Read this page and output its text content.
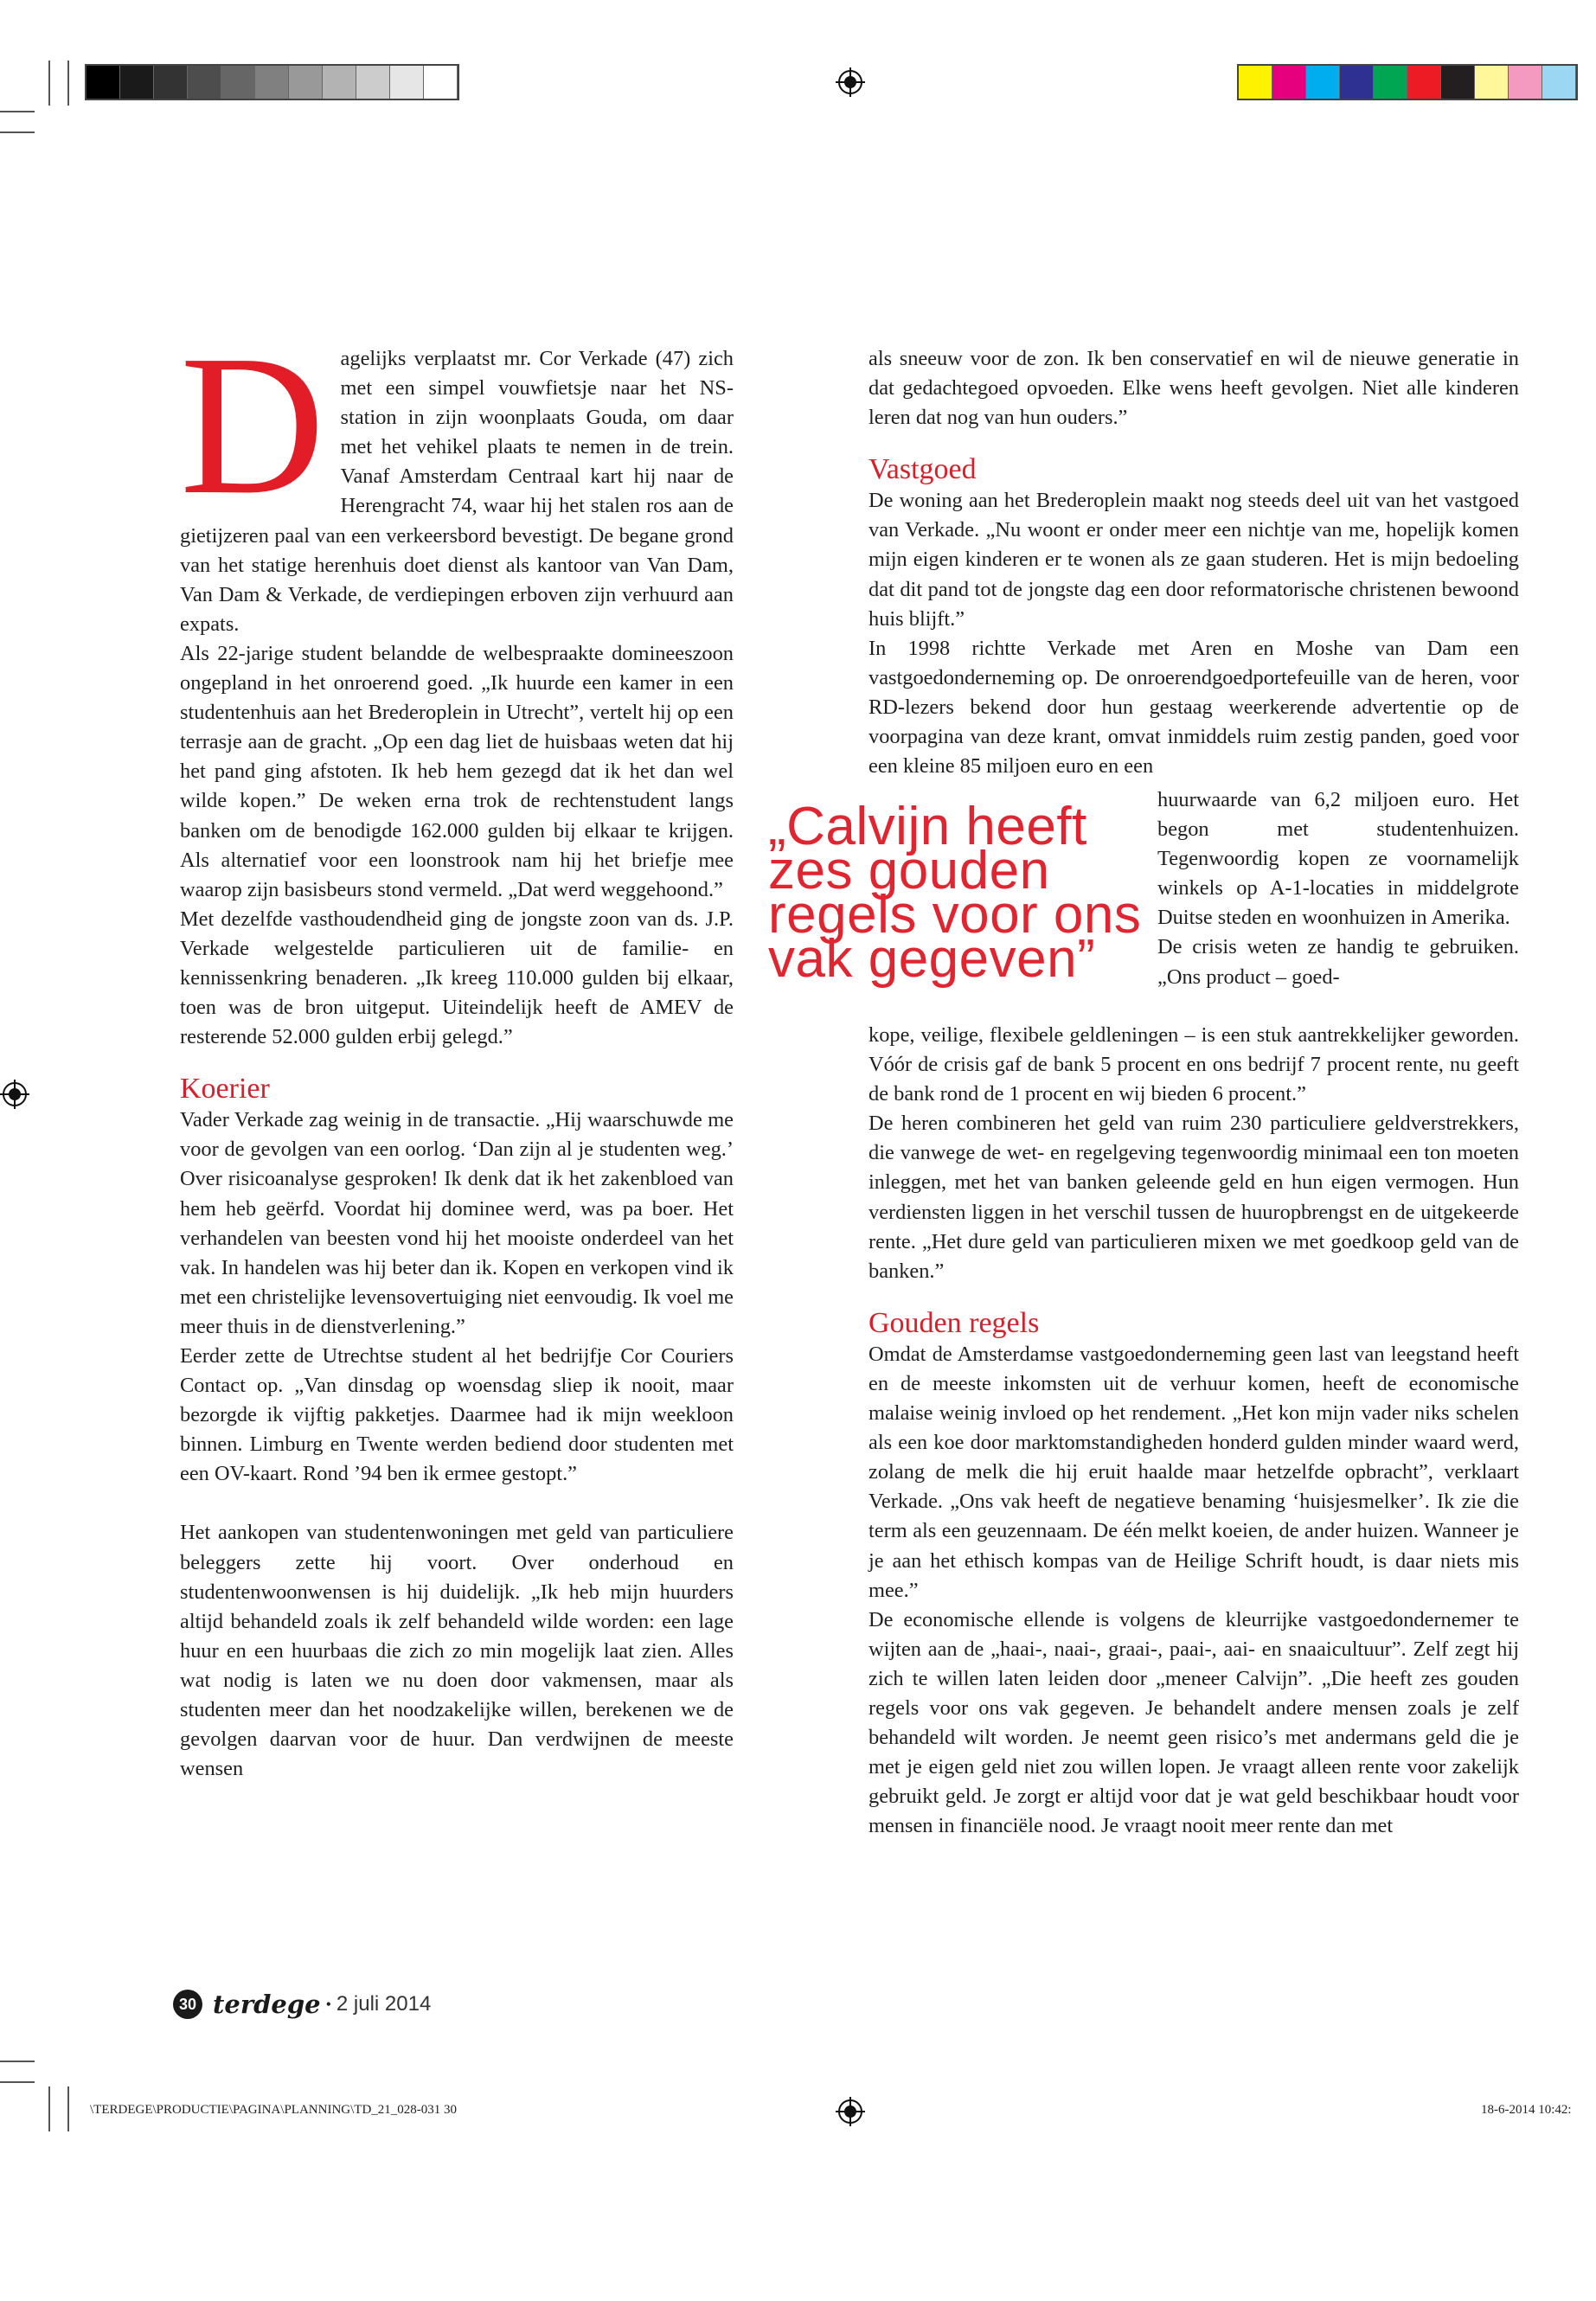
\TERDEGE\PRODUCTIE\PAGINA\PLANNING\TD_21_028-031 30	18-6-2014 10:42:
D agelijks verplaatst mr. Cor Verkade (47) zich met een simpel vouwfietsje naar het NS-station in zijn woonplaats Gouda, om daar met het vehikel plaats te nemen in de trein. Vanaf Amsterdam Centraal kart hij naar de Herengracht 74, waar hij het stalen ros aan de gietijzeren paal van een verkeersbord bevestigt. De begane grond van het statige herenhuis doet dienst als kantoor van Van Dam, Van Dam & Verkade, de verdiepingen erboven zijn verhuurd aan expats.

Als 22-jarige student belandde de welbespraakte domineeszoon ongepland in het onroerend goed. „Ik huurde een kamer in een studentenhuis aan het Brederoplein in Utrecht”, vertelt hij op een terrasje aan de gracht. „Op een dag liet de huisbaas weten dat hij het pand ging afstoten. Ik heb hem gezegd dat ik het dan wel wilde kopen.” De weken erna trok de rechtenstudent langs banken om de benodigde 162.000 gulden bij elkaar te krijgen. Als alternatief voor een loonstrook nam hij het briefje mee waarop zijn basisbeurs stond vermeld. „Dat werd weggehoond.”

Met dezelfde vasthoudendheid ging de jongste zoon van ds. J.P. Verkade welgestelde particulieren uit de familie- en kennissenkring benaderen. „Ik kreeg 110.000 gulden bij elkaar, toen was de bron uitgeput. Uiteindelijk heeft de AMEV de resterende 52.000 gulden erbij gelegd.”

Koerier

Vader Verkade zag weinig in de transactie. „Hij waarschuwde me voor de gevolgen van een oorlog. ‘Dan zijn al je studenten weg.’ Over risicoanalyse gesproken! Ik denk dat ik het zakenbloed van hem heb geërfd. Voordat hij dominee werd, was pa boer. Het verhandelen van beesten vond hij het mooiste onderdeel van het vak. In handelen was hij beter dan ik. Kopen en verkopen vind ik met een christelijke levensovertuiging niet eenvoudig. Ik voel me meer thuis in de dienstverlening.”

Eerder zette de Utrechtse student al het bedrijfje Cor Couriers Contact op. „Van dinsdag op woensdag sliep ik nooit, maar bezorgde ik vijftig pakketjes. Daarmee had ik mijn weekloon binnen. Limburg en Twente werden bediend door studenten met een OV-kaart. Rond ’94 ben ik ermee gestopt.”

Het aankopen van studentenwoningen met geld van particuliere beleggers zette hij voort. Over onderhoud en studentenwoonwensen is hij duidelijk. „Ik heb mijn huurders altijd behandeld zoals ik zelf behandeld wilde worden: een lage huur en een huurbaas die zich zo min mogelijk laat zien. Alles wat nodig is laten we nu doen door vakmensen, maar als studenten meer dan het noodzakelijke willen, berekenen we de gevolgen daarvan voor de huur. Dan verdwijnen de meeste wensen

als sneeuw voor de zon. Ik ben conservatief en wil de nieuwe generatie in dat gedachtegoed opvoeden. Elke wens heeft gevolgen. Niet alle kinderen leren dat nog van hun ouders.”

Vastgoed

De woning aan het Brederoplein maakt nog steeds deel uit van het vastgoed van Verkade. „Nu woont er onder meer een nichtje van me, hopelijk komen mijn eigen kinderen er te wonen als ze gaan studeren. Het is mijn bedoeling dat dit pand tot de jongste dag een door reformatorische christenen bewoond huis blijft.”

In 1998 richtte Verkade met Aren en Moshe van Dam een vastgoedonderneming op. De onroerendgoedportefeuille van de heren, voor RD-lezers bekend door hun gestaag weerkerende advertentie op de voorpagina van deze krant, omvat inmiddels ruim zestig panden, goed voor een kleine 85 miljoen euro en een

huurwaarde van 6,2 miljoen euro. Het begon met studentenhuizen. Tegenwoordig kopen ze voornamelijk winkels op A-1-locaties in middelgrote Duitse steden en woonhuizen in Amerika.

De crisis weten ze handig te gebruiken. „Ons product – goed-

kope, veilige, flexibele geldleningen – is een stuk aantrekkelijker geworden. Vóór de crisis gaf de bank 5 procent en ons bedrijf 7 procent rente, nu geeft de bank rond de 1 procent en wij bieden 6 procent.”

De heren combineren het geld van ruim 230 particuliere geldverstrekkers, die vanwege de wet- en regelgeving tegenwoordig minimaal een ton moeten inleggen, met het van banken geleende geld en hun eigen vermogen. Hun verdiensten liggen in het verschil tussen de huuropbrengst en de uitgekeerde rente. „Het dure geld van particulieren mixen we met goedkoop geld van de banken.”

Gouden regels

Omdat de Amsterdamse vastgoedonderneming geen last van leegstand heeft en de meeste inkomsten uit de verhuur komen, heeft de economische malaise weinig invloed op het rendement. „Het kon mijn vader niks schelen als een koe door marktomstandigheden honderd gulden minder waard werd, zolang de melk die hij eruit haalde maar hetzelfde opbracht”, verklaart Verkade. „Ons vak heeft de negatieve benaming ‘huisjesmelker’. Ik zie die term als een geuzennaam. De één melkt koeien, de ander huizen. Wanneer je je aan het ethisch kompas van de Heilige Schrift houdt, is daar niets mis mee.”

De economische ellende is volgens de kleurrijke vastgoedondernemer te wijten aan de „haai-, naai-, graai-, paai-, aai- en snaaicultuur”. Zelf zegt hij zich te willen laten leiden door „meneer Calvijn”. „Die heeft zes gouden regels voor ons vak gegeven. Je behandelt andere mensen zoals je zelf behandeld wilt worden. Je neemt geen risico’s met andermans geld die je met je eigen geld niet zou willen lopen. Je vraagt alleen rente voor zakelijk gebruikt geld. Je zorgt er altijd voor dat je wat geld beschikbaar houdt voor mensen in financiële nood. Je vraagt nooit meer rente dan met

„Calvijn heeft zes gouden regels voor ons vak gegeven”
30 terdege • 2 juli 2014
